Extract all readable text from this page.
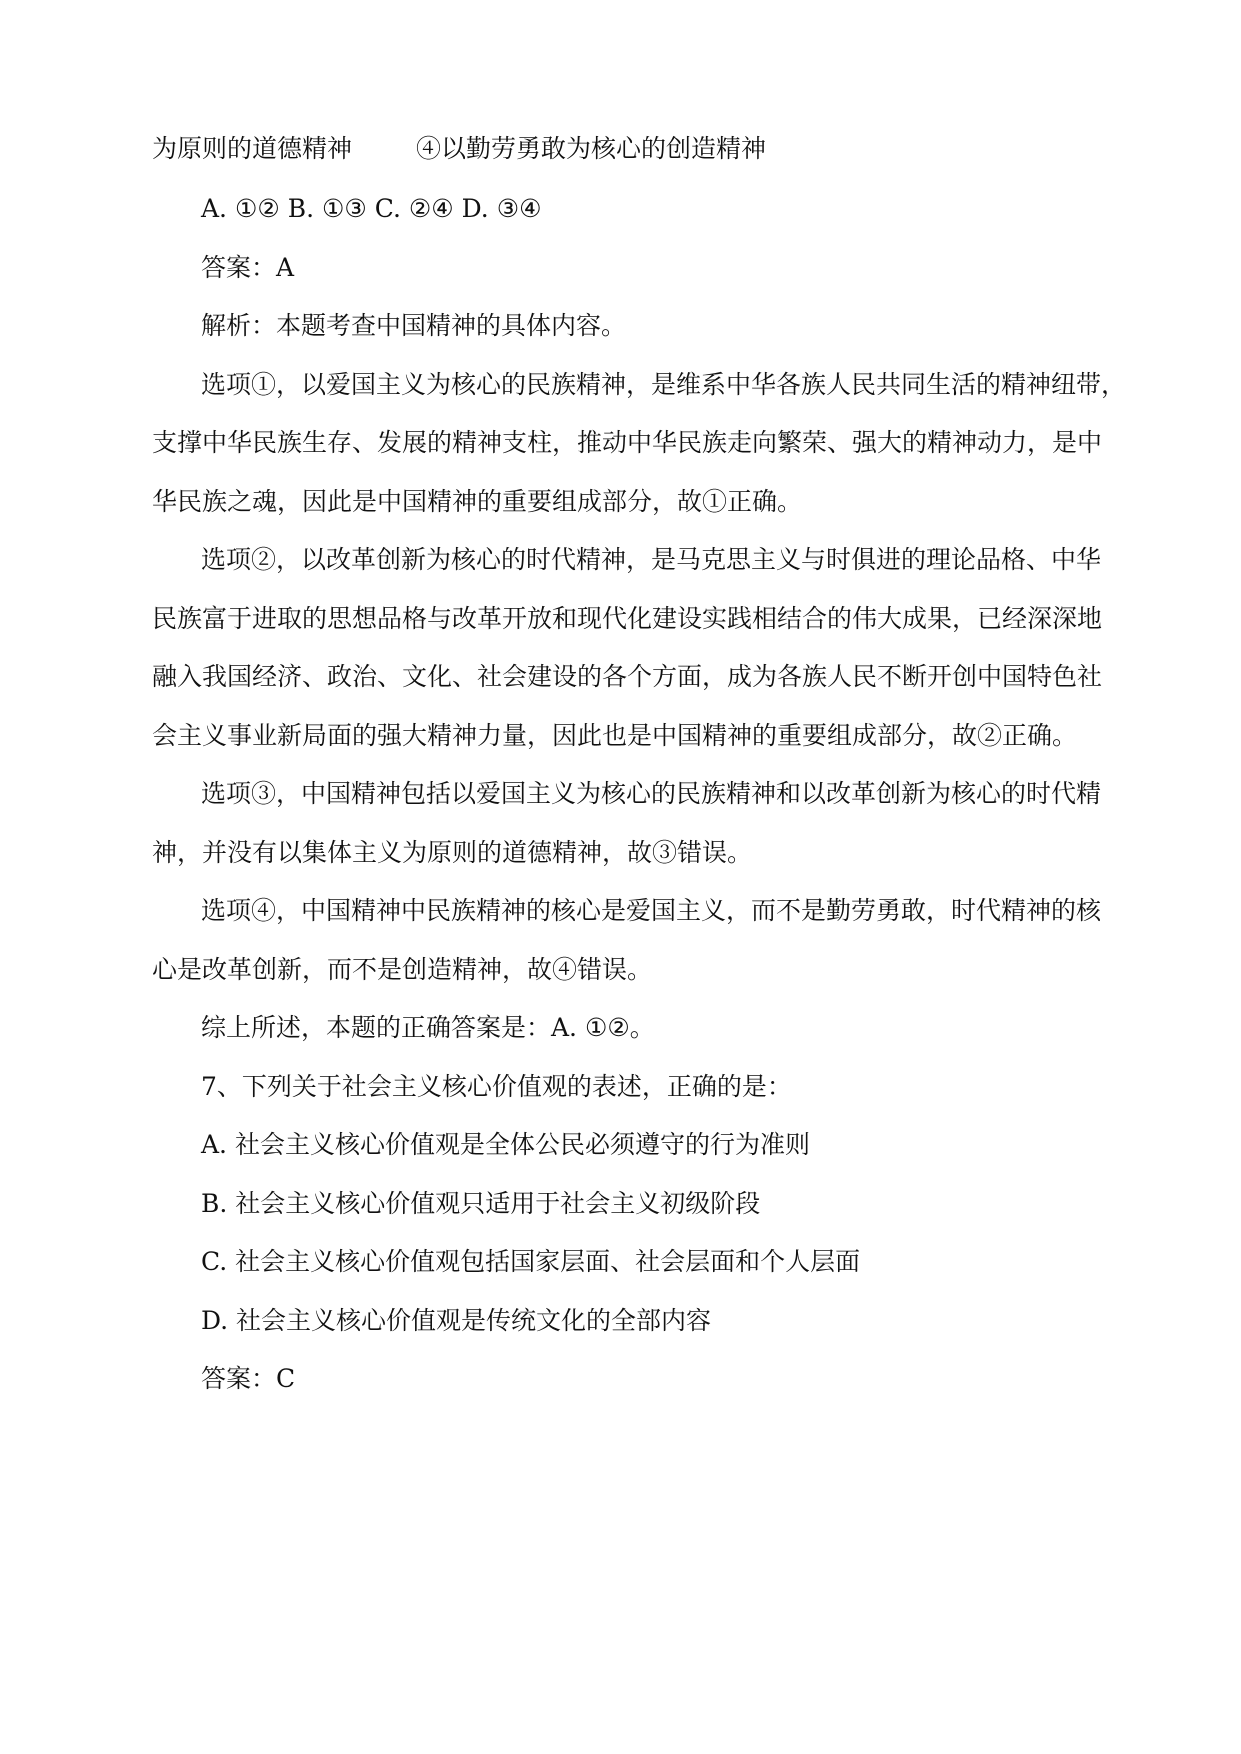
为原则的道德精神	④以勤劳勇敢为核心的创造精神
A. ①② B. ①③ C. ②④ D. ③④
答案：A
解析：本题考查中国精神的具体内容。
选项①，以爱国主义为核心的民族精神，是维系中华各族人民共同生活的精神纽带，
支撑中华民族生存、发展的精神支柱，推动中华民族走向繁荣、强大的精神动力，是中
华民族之魂，因此是中国精神的重要组成部分，故①正确。
选项②，以改革创新为核心的时代精神，是马克思主义与时俱进的理论品格、中华
民族富于进取的思想品格与改革开放和现代化建设实践相结合的伟大成果，已经深深地
融入我国经济、政治、文化、社会建设的各个方面，成为各族人民不断开创中国特色社
会主义事业新局面的强大精神力量，因此也是中国精神的重要组成部分，故②正确。
选项③，中国精神包括以爱国主义为核心的民族精神和以改革创新为核心的时代精
神，并没有以集体主义为原则的道德精神，故③错误。
选项④，中国精神中民族精神的核心是爱国主义，而不是勤劳勇敢，时代精神的核
心是改革创新，而不是创造精神，故④错误。
综上所述，本题的正确答案是：A. ①②。
7、下列关于社会主义核心价值观的表述，正确的是：
A. 社会主义核心价值观是全体公民必须遵守的行为准则
B. 社会主义核心价值观只适用于社会主义初级阶段
C. 社会主义核心价值观包括国家层面、社会层面和个人层面
D. 社会主义核心价值观是传统文化的全部内容
答案：C
